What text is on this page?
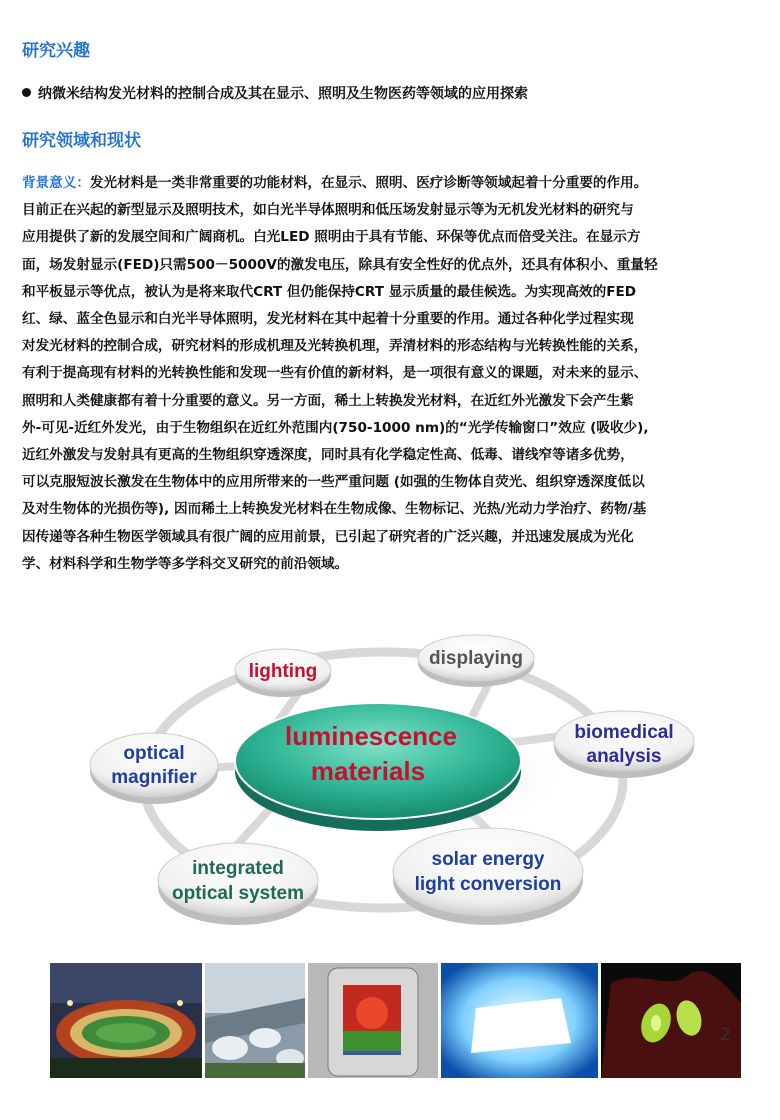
研究兴趣
纳微米结构发光材料的控制合成及其在显示、照明及生物医药等领域的应用探索
研究领域和现状
背景意义：发光材料是一类非常重要的功能材料，在显示、照明、医疗诊断等领域起着十分重要的作用。
目前正在兴起的新型显示及照明技术，如白光半导体照明和低压场发射显示等为无机发光材料的研究与
应用提供了新的发展空间和广阔商机。白光LED 照明由于具有节能、环保等优点而倍受关注。在显示方
面，场发射显示(FED)只需500－5000V的激发电压，除具有安全性好的优点外，还具有体积小、重量轻
和平板显示等优点，被认为是将来取代CRT 但仍能保持CRT 显示质量的最佳候选。为实现高效的FED
红、绿、蓝全色显示和白光半导体照明，发光材料在其中起着十分重要的作用。通过各种化学过程实现
对发光材料的控制合成，研究材料的形成机理及光转换机理，弄清材料的形态结构与光转换性能的关系，
有利于提高现有材料的光转换性能和发现一些有价值的新材料，是一项很有意义的课题，对未来的显示、
照明和人类健康都有着十分重要的意义。另一方面，稀土上转换发光材料，在近红外光激发下会产生紫
外-可见-近红外发光，由于生物组织在近红外范围内(750-1000 nm)的“光学传输窗口”效应 (吸收少),
近红外激发与发射具有更高的生物组织穿透深度，同时具有化学稳定性高、低毒、谱线窄等诸多优势，
可以克服短波长激发在生物体中的应用所带来的一些严重问题 (如强的生物体自荧光、组织穿透深度低以
及对生物体的光损伤等), 因而稀土上转换发光材料在生物成像、生物标记、光热/光动力学治疗、药物/基
因传递等各种生物医学领域具有很广阔的应用前景，已引起了研究者的广泛兴趣，并迅速发展成为光化
学、材料科学和生物学等多学科交叉研究的前沿领域。
luminescence
materials
lighting
displaying
biomedical
analysis
optical
magnifier
integrated
optical system
solar energy
light conversion
2
